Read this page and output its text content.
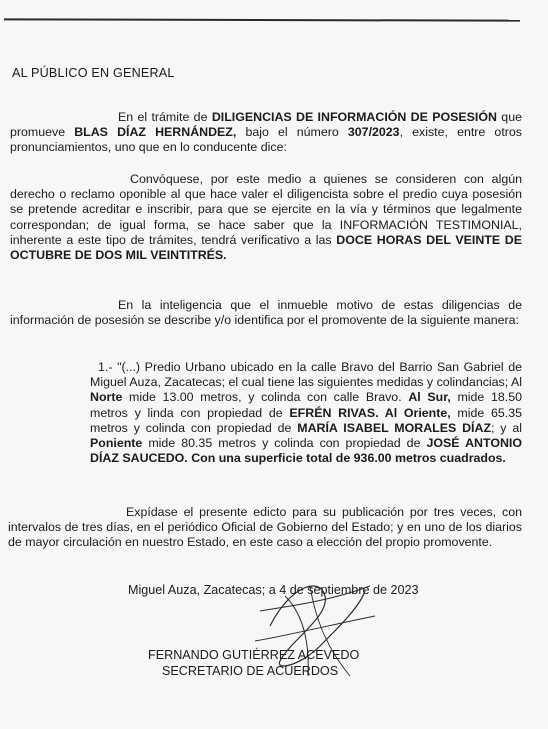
AL PÚBLICO EN GENERAL
En el trámite de DILIGENCIAS DE INFORMACIÓN DE POSESIÓN que promueve BLAS DÍAZ HERNÁNDEZ, bajo el número 307/2023, existe, entre otros pronunciamientos, uno que en lo conducente dice:
Convóquese, por este medio a quienes se consideren con algún derecho o reclamo oponible al que hace valer el diligencista sobre el predio cuya posesión se pretende acreditar e inscribir, para que se ejercite en la vía y términos que legalmente correspondan; de igual forma, se hace saber que la INFORMACIÓN TESTIMONIAL, inherente a este tipo de trámites, tendrá verificativo a las DOCE HORAS DEL VEINTE DE OCTUBRE DE DOS MIL VEINTITRÉS.
En la inteligencia que el inmueble motivo de estas diligencias de información de posesión se describe y/o identifica por el promovente de la siguiente manera:
1.- "(...) Predio Urbano ubicado en la calle Bravo del Barrio San Gabriel de Miguel Auza, Zacatecas; el cual tiene las siguientes medidas y colindancias; Al Norte mide 13.00 metros, y colinda con calle Bravo. Al Sur, mide 18.50 metros y linda con propiedad de EFRÉN RIVAS. Al Oriente, mide 65.35 metros y colinda con propiedad de MARÍA ISABEL MORALES DÍAZ; y al Poniente mide 80.35 metros y colinda con propiedad de JOSÉ ANTONIO DÍAZ SAUCEDO. Con una superficie total de 936.00 metros cuadrados.
Expídase el presente edicto para su publicación por tres veces, con intervalos de tres días, en el periódico Oficial de Gobierno del Estado; y en uno de los diarios de mayor circulación en nuestro Estado, en este caso a elección del propio promovente.
Miguel Auza, Zacatecas; a 4 de septiembre de 2023
FERNANDO GUTIÉRREZ ACEVEDO
SECRETARIO DE ACUERDOS
